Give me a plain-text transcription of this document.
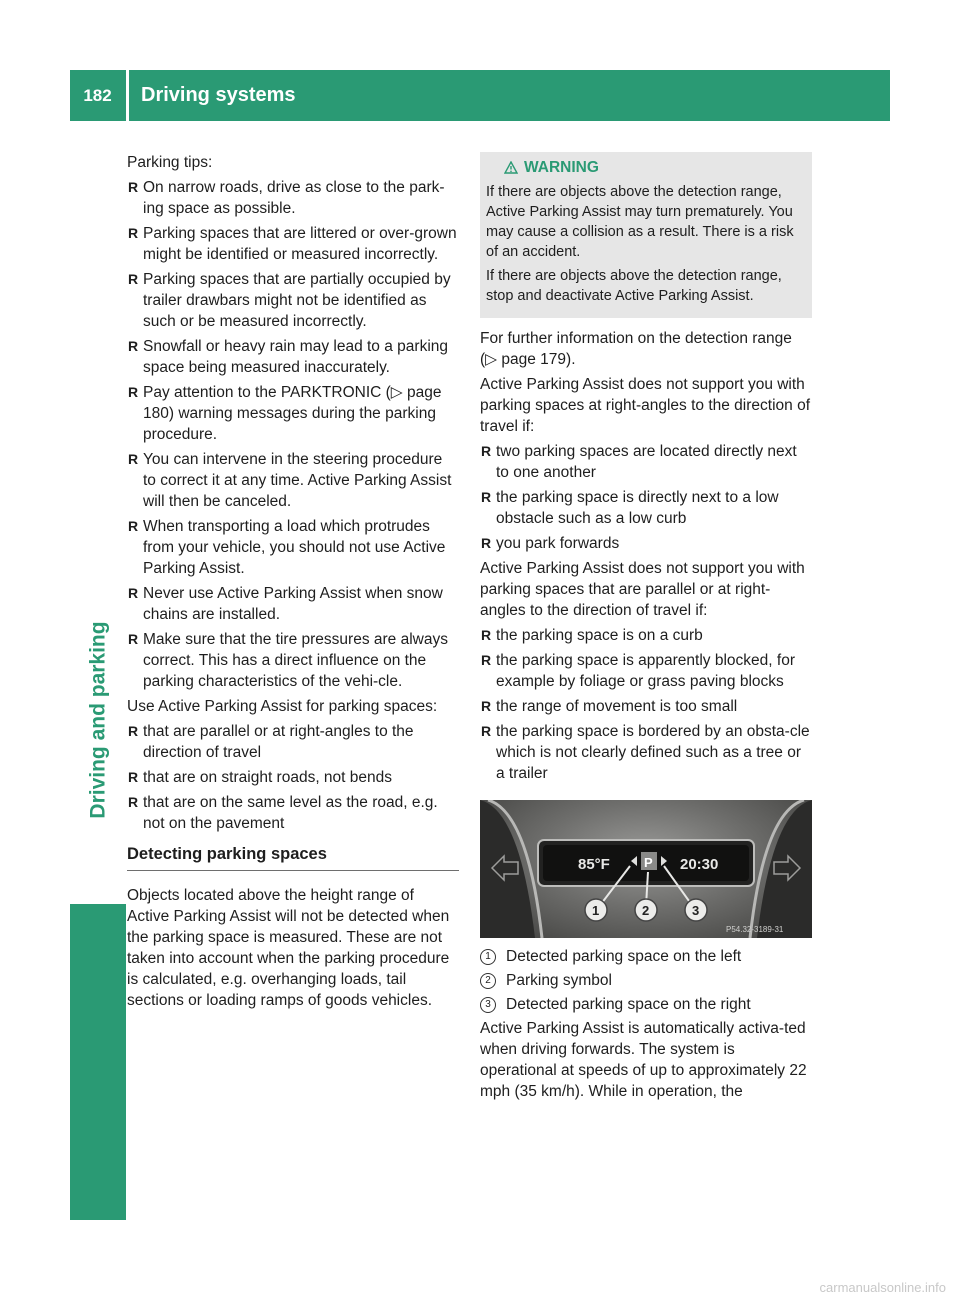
182	Driving systems
Driving and parking

Parking tips:

R On narrow roads, drive as close to the park-ing space as possible.
R Parking spaces that are littered or over-grown might be identified or measured incorrectly.
R Parking spaces that are partially occupied by trailer drawbars might not be identified as such or be measured incorrectly.
R Snowfall or heavy rain may lead to a parking space being measured inaccurately.
R Pay attention to the PARKTRONIC (▷ page 180) warning messages during the parking procedure.
R You can intervene in the steering procedure to correct it at any time. Active Parking Assist will then be canceled.
R When transporting a load which protrudes from your vehicle, you should not use Active Parking Assist.
R Never use Active Parking Assist when snow chains are installed.
R Make sure that the tire pressures are always correct. This has a direct influence on the parking characteristics of the vehi-cle.

Use Active Parking Assist for parking spaces:

R that are parallel or at right-angles to the direction of travel
R that are on straight roads, not bends
R that are on the same level as the road, e.g. not on the pavement
Detecting parking spaces

Objects located above the height range of Active Parking Assist will not be detected when the parking space is measured. These are not taken into account when the parking procedure is calculated, e.g. overhanging loads, tail sections or loading ramps of goods vehicles.

WARNING

If there are objects above the detection range, Active Parking Assist may turn prematurely. You may cause a collision as a result. There is a risk of an accident.

If there are objects above the detection range, stop and deactivate Active Parking Assist.

For further information on the detection range (▷ page 179).

Active Parking Assist does not support you with parking spaces at right-angles to the direction of travel if:

R two parking spaces are located directly next to one another
R the parking space is directly next to a low obstacle such as a low curb
R you park forwards

Active Parking Assist does not support you with parking spaces that are parallel or at right-angles to the direction of travel if:

R the parking space is on a curb
R the parking space is apparently blocked, for example by foliage or grass paving blocks
R the range of movement is too small
R the parking space is bordered by an obsta-cle which is not clearly defined such as a tree or a trailer
85°F	P 20:30
1	2	3
P54.32-3189-31
1 Detected parking space on the left
2 Parking symbol
3 Detected parking space on the right

Active Parking Assist is automatically activa-ted when driving forwards. The system is operational at speeds of up to approximately 22 mph (35 km/h). While in operation, the

carmanualsonline.info
